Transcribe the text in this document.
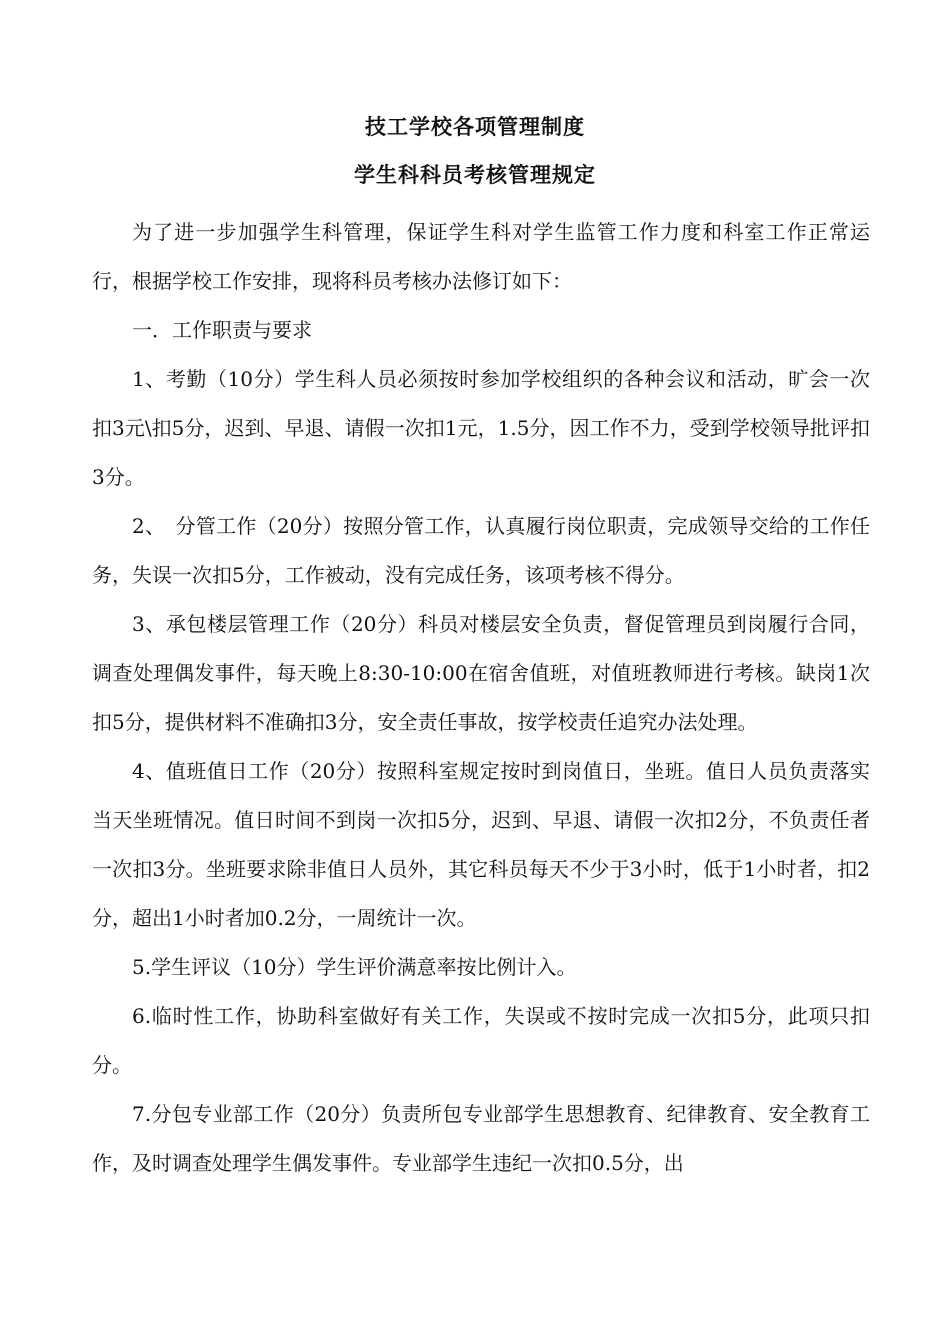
技工学校各项管理制度
学生科科员考核管理规定

为了进一步加强学生科管理，保证学生科对学生监管工作力度和科室工作正常运行，根据学校工作安排，现将科员考核办法修订如下：

一．工作职责与要求

1、考勤（10分）学生科人员必须按时参加学校组织的各种会议和活动，旷会一次扣3元\扣5分，迟到、早退、请假一次扣1元，1.5分，因工作不力，受到学校领导批评扣3分。

2、　分管工作（20分）按照分管工作，认真履行岗位职责，完成领导交给的工作任务，失误一次扣5分，工作被动，没有完成任务，该项考核不得分。

3、承包楼层管理工作（20分）科员对楼层安全负责，督促管理员到岗履行合同，调查处理偶发事件，每天晚上8:30-10:00在宿舍值班，对值班教师进行考核。缺岗1次扣5分，提供材料不准确扣3分，安全责任事故，按学校责任追究办法处理。

4、值班值日工作（20分）按照科室规定按时到岗值日，坐班。值日人员负责落实当天坐班情况。值日时间不到岗一次扣5分，迟到、早退、请假一次扣2分，不负责任者一次扣3分。坐班要求除非值日人员外，其它科员每天不少于3小时，低于1小时者，扣2分，超出1小时者加0.2分，一周统计一次。

5.学生评议（10分）学生评价满意率按比例计入。

6.临时性工作，协助科室做好有关工作，失误或不按时完成一次扣5分，此项只扣分。

7.分包专业部工作（20分）负责所包专业部学生思想教育、纪律教育、安全教育工作，及时调查处理学生偶发事件。专业部学生违纪一次扣0.5分，出
